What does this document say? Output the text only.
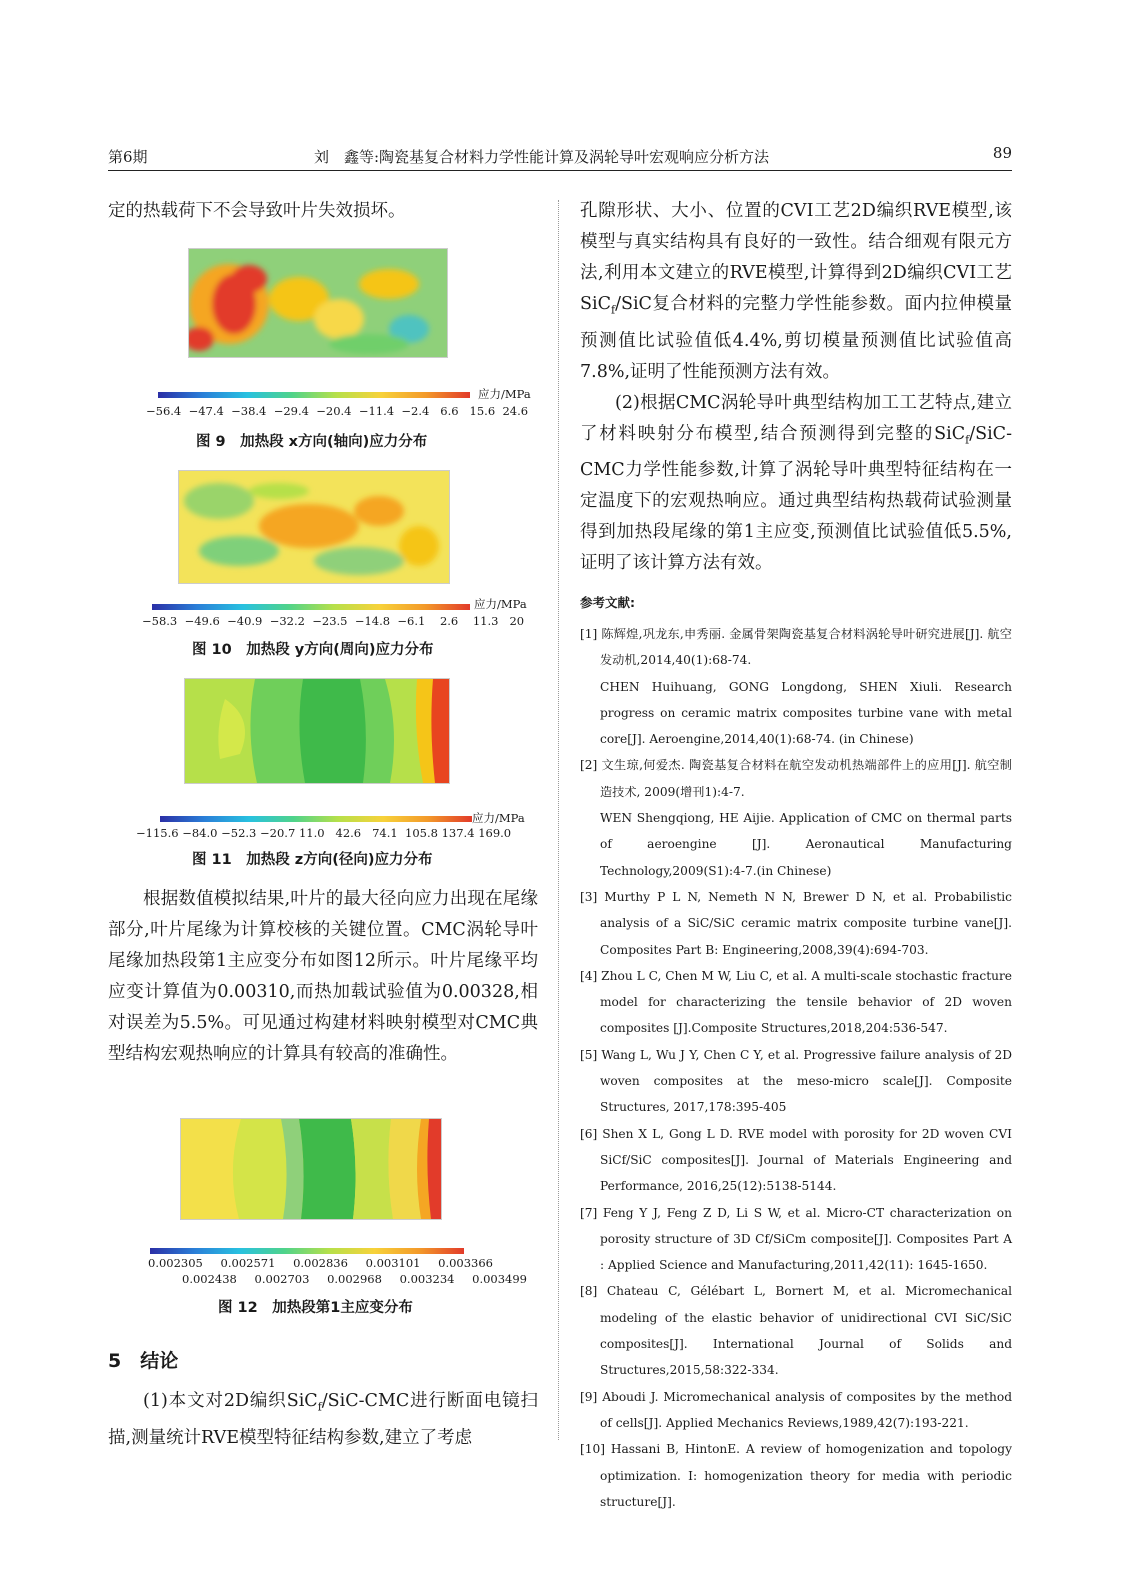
第6期	刘　鑫等:陶瓷基复合材料力学性能计算及涡轮导叶宏观响应分析方法	89

定的热载荷下不会导致叶片失效损坏。

应力/MPa
−56.4 −47.4 −38.4 −29.4 −20.4 −11.4 −2.4 6.6 15.6 24.6
图 9　加热段 x方向(轴向)应力分布
应力/MPa
−58.3 −49.6 −40.9 −32.2 −23.5 −14.8 −6.1 2.6 11.3 20
图 10　加热段 y方向(周向)应力分布
应力/MPa
−115.6 −84.0 −52.3 −20.7 11.0 42.6 74.1 105.8 137.4 169.0
图 11　加热段 z方向(径向)应力分布

根据数值模拟结果,叶片的最大径向应力出现在尾缘部分,叶片尾缘为计算校核的关键位置。CMC涡轮导叶尾缘加热段第1主应变分布如图12所示。叶片尾缘平均应变计算值为0.00310,而热加载试验值为0.00328,相对误差为5.5%。可见通过构建材料映射模型对CMC典型结构宏观热响应的计算具有较高的准确性。

0.002305 0.002571 0.002836 0.003101 0.003366
0.002438 0.002703 0.002968 0.003234 0.003499
图 12　加热段第1主应变分布
5　结论

(1)本文对2D编织SiC$_f$/SiC-CMC进行断面电镜扫描,测量统计RVE模型特征结构参数,建立了考虑

孔隙形状、大小、位置的CVI工艺2D编织RVE模型,该模型与真实结构具有良好的一致性。结合细观有限元方法,利用本文建立的RVE模型,计算得到2D编织CVI工艺SiC$_f$/SiC复合材料的完整力学性能参数。面内拉伸模量预测值比试验值低4.4%,剪切模量预测值比试验值高7.8%,证明了性能预测方法有效。

(2)根据CMC涡轮导叶典型结构加工工艺特点,建立了材料映射分布模型,结合预测得到完整的SiC$_f$/SiC-CMC力学性能参数,计算了涡轮导叶典型特征结构在一定温度下的宏观热响应。通过典型结构热载荷试验测量得到加热段尾缘的第1主应变,预测值比试验值低5.5%,证明了该计算方法有效。

参考文献:

[1] 陈辉煌,巩龙东,申秀丽. 金属骨架陶瓷基复合材料涡轮导叶研究进展[J]. 航空发动机,2014,40(1):68-74.

CHEN Huihuang, GONG Longdong, SHEN Xiuli. Research progress on ceramic matrix composites turbine vane with metal core[J]. Aeroengine,2014,40(1):68-74. (in Chinese)

[2] 文生琼,何爱杰. 陶瓷基复合材料在航空发动机热端部件上的应用[J]. 航空制造技术, 2009(增刊1):4-7.

WEN Shengqiong, HE Aijie. Application of CMC on thermal parts of aeroengine [J]. Aeronautical Manufacturing Technology,2009(S1):4-7.(in Chinese)

[3] Murthy P L N, Nemeth N N, Brewer D N, et al. Probabilistic analysis of a SiC/SiC ceramic matrix composite turbine vane[J]. Composites Part B: Engineering,2008,39(4):694-703.

[4] Zhou L C, Chen M W, Liu C, et al. A multi-scale stochastic fracture model for characterizing the tensile behavior of 2D woven composites [J].Composite Structures,2018,204:536-547.

[5] Wang L, Wu J Y, Chen C Y, et al. Progressive failure analysis of 2D woven composites at the meso-micro scale[J]. Composite Structures, 2017,178:395-405

[6] Shen X L, Gong L D. RVE model with porosity for 2D woven CVI SiCf/SiC composites[J]. Journal of Materials Engineering and Performance, 2016,25(12):5138-5144.

[7] Feng Y J, Feng Z D, Li S W, et al. Micro-CT characterization on porosity structure of 3D Cf/SiCm composite[J]. Composites Part A : Applied Science and Manufacturing,2011,42(11): 1645-1650.

[8] Chateau C, Gélébart L, Bornert M, et al. Micromechanical modeling of the elastic behavior of unidirectional CVI SiC/SiC composites[J]. International Journal of Solids and Structures,2015,58:322-334.

[9] Aboudi J. Micromechanical analysis of composites by the method of cells[J]. Applied Mechanics Reviews,1989,42(7):193-221.

[10] Hassani B, HintonE. A review of homogenization and topology optimization. I: homogenization theory for media with periodic structure[J].
